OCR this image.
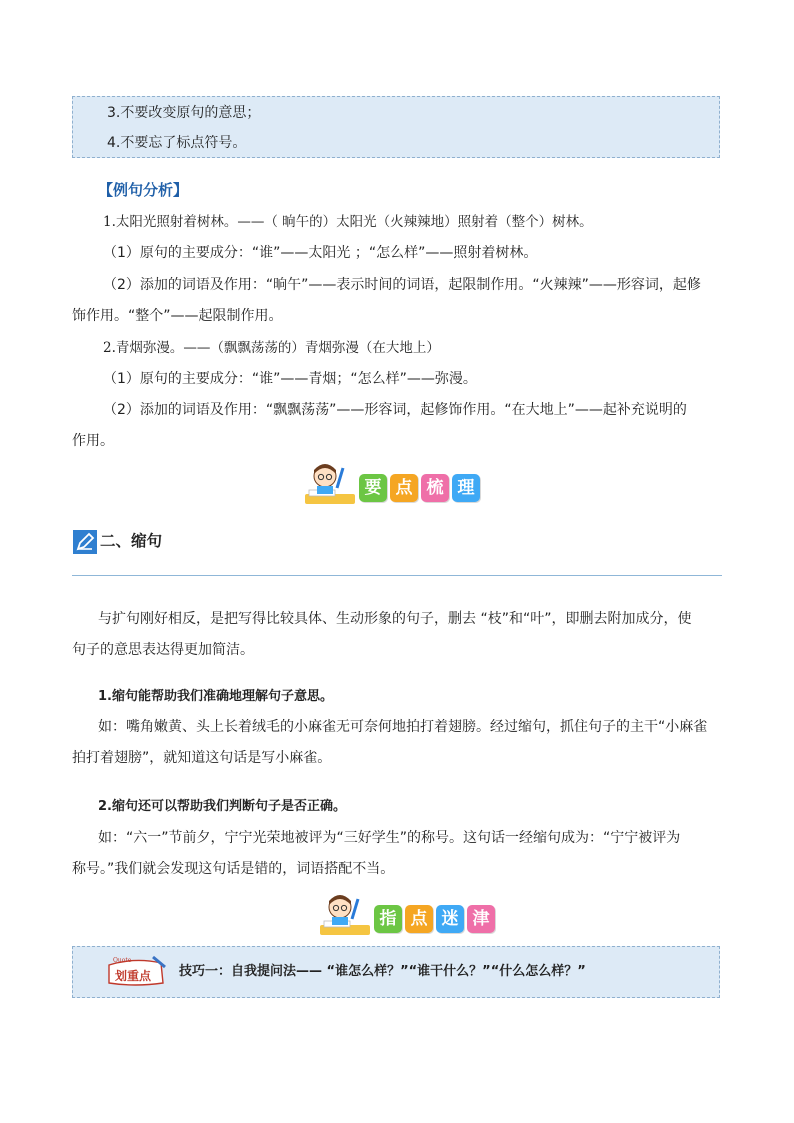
3.不要改变原句的意思；
4.不要忘了标点符号。
【例句分析】
1.太阳光照射着树林。——（ 晌午的）太阳光（火辣辣地）照射着（整个）树林。
（1）原句的主要成分：“谁”——太阳光 ；“怎么样”——照射着树林。
（2）添加的词语及作用：“晌午”——表示时间的词语，起限制作用。“火辣辣”——形容词，起修
饰作用。“整个”——起限制作用。
2.青烟弥漫。——（飘飘荡荡的）青烟弥漫（在大地上）
（1）原句的主要成分：“谁”——青烟；“怎么样”——弥漫。
（2）添加的词语及作用：“飘飘荡荡”——形容词，起修饰作用。“在大地上”——起补充说明的
作用。
要 点 梳 理
二、缩句
与扩句刚好相反，是把写得比较具体、生动形象的句子，删去 “枝”和“叶”，即删去附加成分，使
句子的意思表达得更加简洁。
1.缩句能帮助我们准确地理解句子意思。
如：嘴角嫩黄、头上长着绒毛的小麻雀无可奈何地拍打着翅膀。经过缩句，抓住句子的主干“小麻雀
拍打着翅膀”，就知道这句话是写小麻雀。
2.缩句还可以帮助我们判断句子是否正确。
如：“六一”节前夕，宁宁光荣地被评为“三好学生”的称号。这句话一经缩句成为：“宁宁被评为
称号。”我们就会发现这句话是错的，词语搭配不当。
指 点 迷 津
Quote
划重点 技巧一：自我提问法—— “谁怎么样？”“谁干什么？”“什么怎么样？”
